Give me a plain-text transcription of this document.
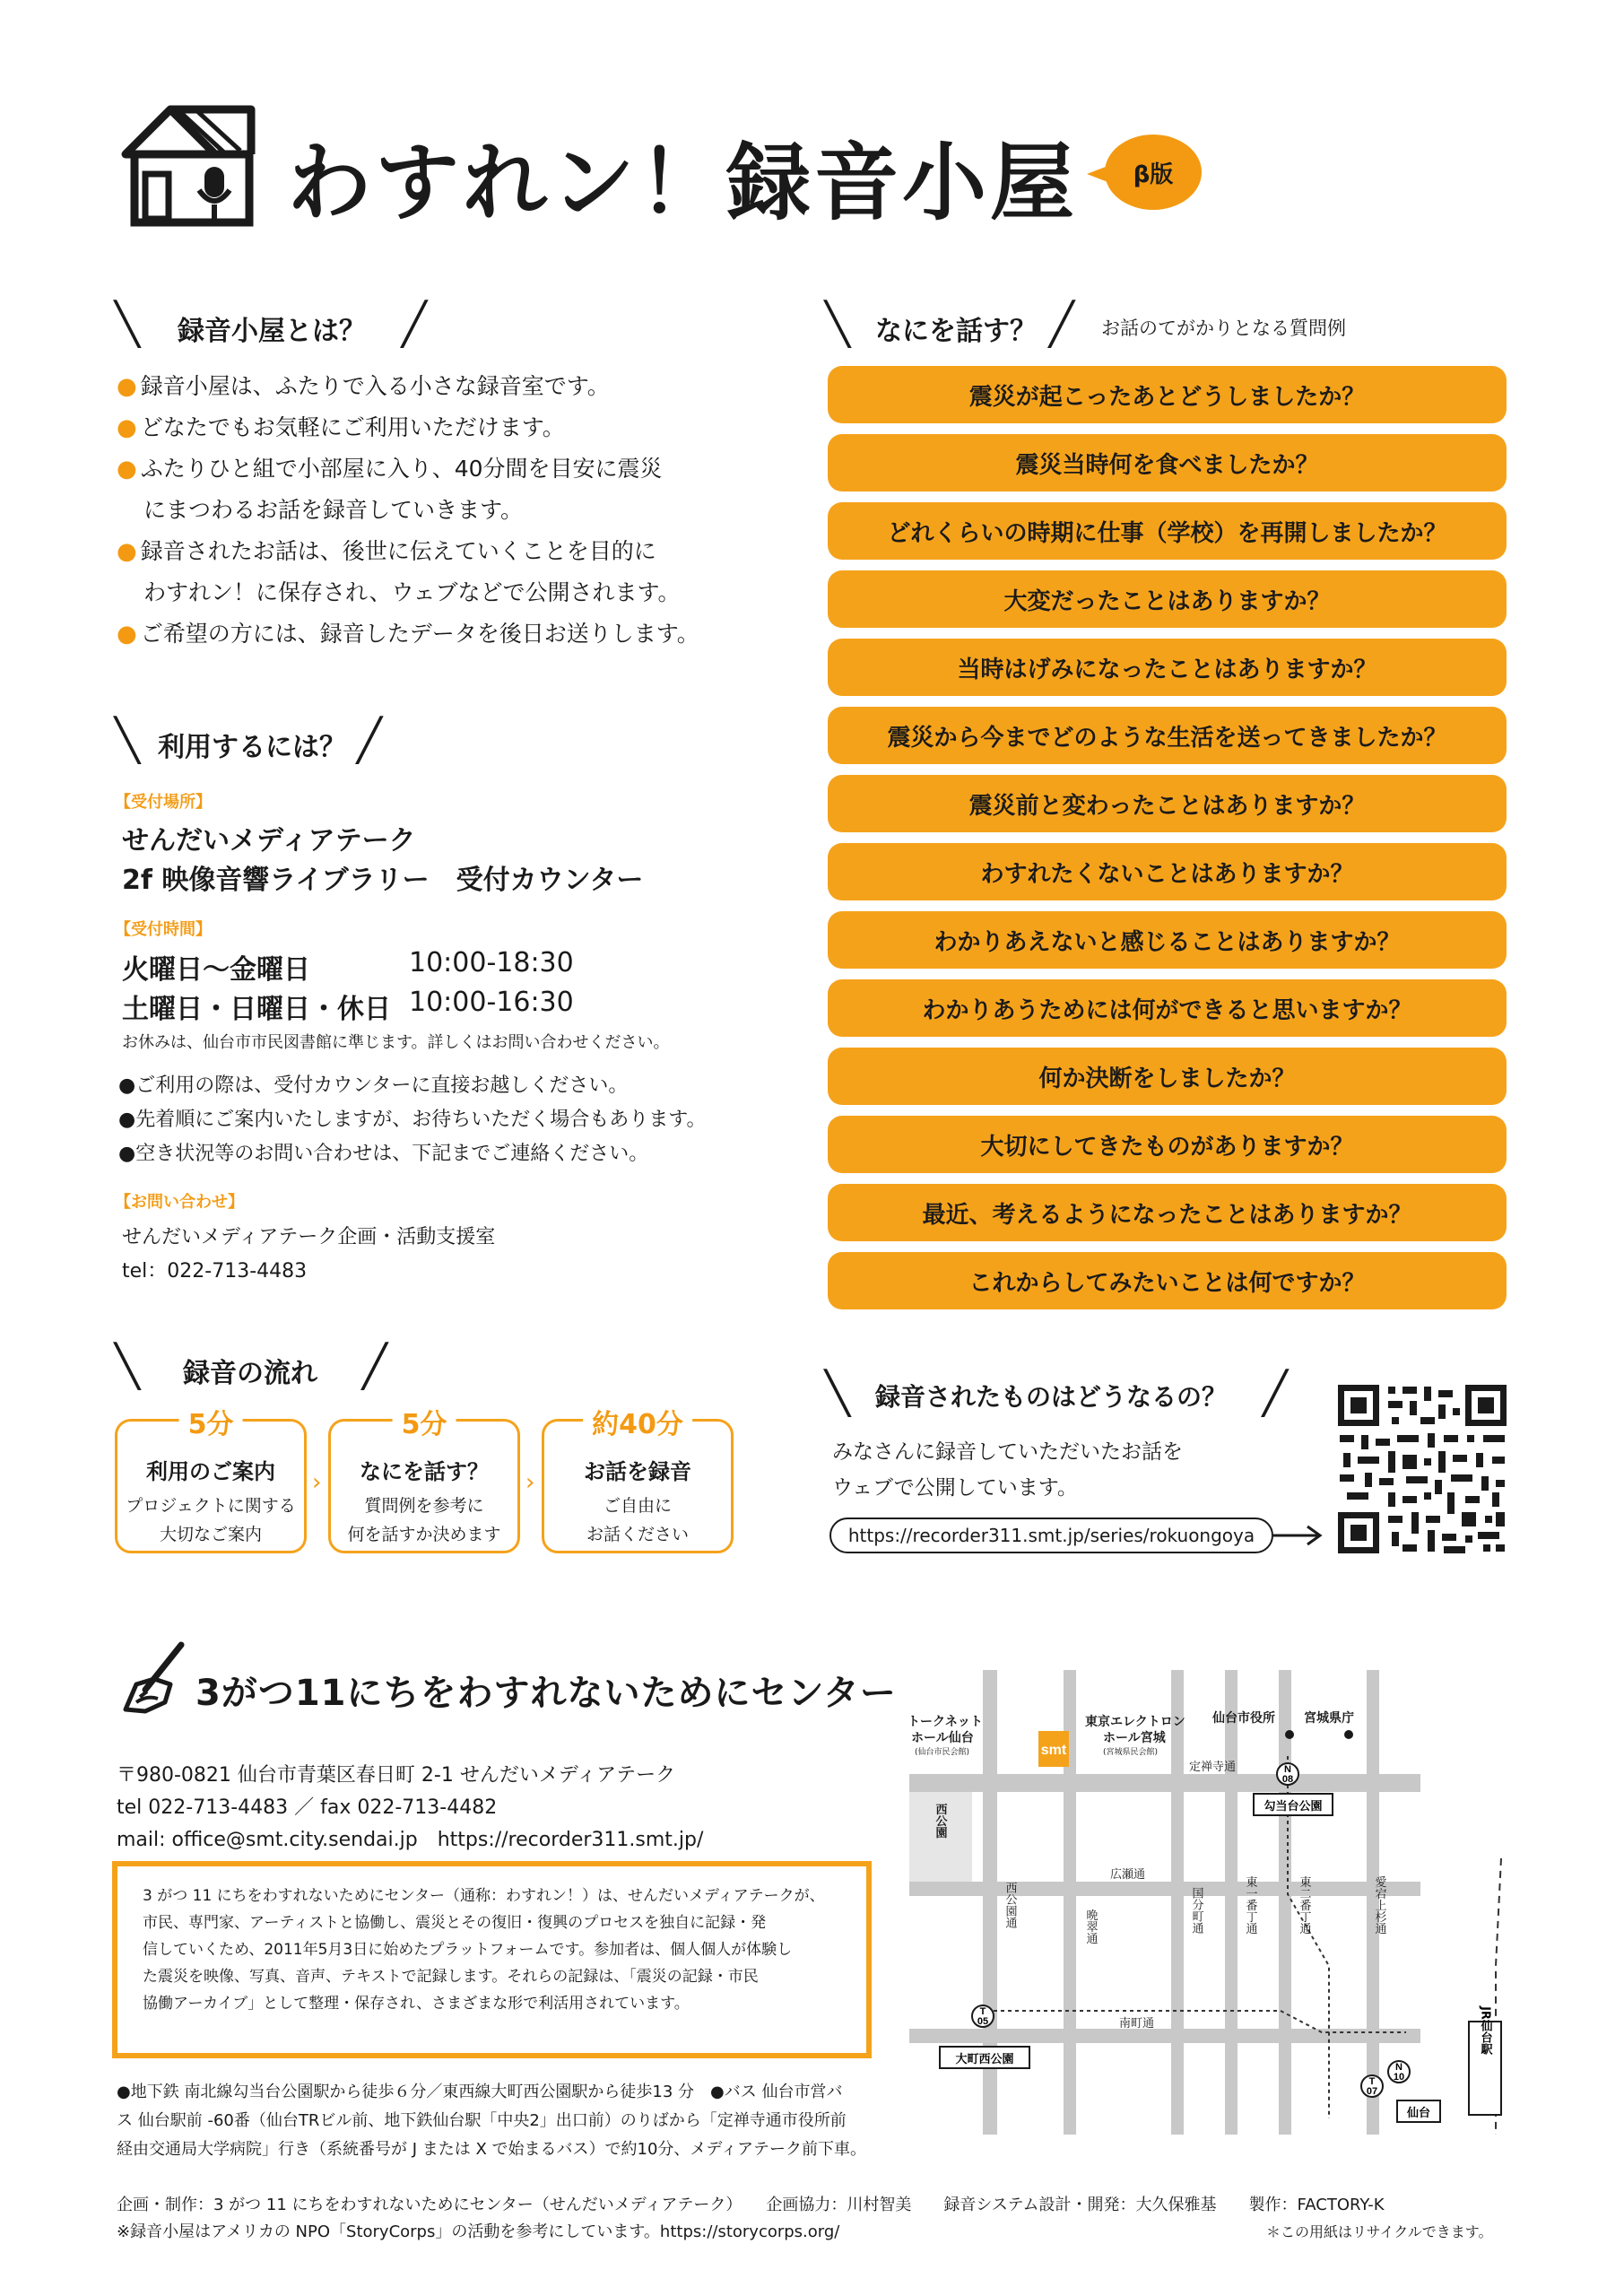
わすれン！録音小屋	β版
╲ 録音小屋とは？ ╱
● 録音小屋は、ふたりで入る小さな録音室です。
● どなたでもお気軽にご利用いただけます。
● ふたりひと組で小部屋に入り、40分間を目安に震災
にまつわるお話を録音していきます。
● 録音されたお話は、後世に伝えていくことを目的に
わすれン！に保存され、ウェブなどで公開されます。
● ご希望の方には、録音したデータを後日お送りします。
╲ 利用するには？ ╱
【受付場所】
せんだいメディアテーク
2f 映像音響ライブラリー　受付カウンター
【受付時間】
火曜日〜金曜日	10:00-18:30
土曜日・日曜日・休日 10:00-16:30
お休みは、仙台市市民図書館に準じます。詳しくはお問い合わせください。
●ご利用の際は、受付カウンターに直接お越しください。
●先着順にご案内いたしますが、お待ちいただく場合もあります。
●空き状況等のお問い合わせは、下記までご連絡ください。
【お問い合わせ】
せんだいメディアテーク企画・活動支援室
tel：022-713-4483
╲ なにを話す？ ╱ お話のてがかりとなる質問例
震災が起こったあとどうしましたか？
震災当時何を食べましたか？
どれくらいの時期に仕事（学校）を再開しましたか？
大変だったことはありますか？
当時はげみになったことはありますか？
震災から今までどのような生活を送ってきましたか？
震災前と変わったことはありますか？
わすれたくないことはありますか？
わかりあえないと感じることはありますか？
わかりあうためには何ができると思いますか？
何か決断をしましたか？
大切にしてきたものがありますか？
最近、考えるようになったことはありますか？
これからしてみたいことは何ですか？
╲ 録音の流れ ╱
5分
利用のご案内
プロジェクトに関する
大切なご案内
›
5分
なにを話す？
質問例を参考に
何を話すか決めます
›
約40分
お話を録音
ご自由に
お話ください
╲ 録音されたものはどうなるの？ ╱
みなさんに録音していただいたお話を
ウェブで公開しています。
https://recorder311.smt.jp/series/rokuongoya
3がつ11にちをわすれないためにセンター
〒980-0821 仙台市青葉区春日町 2-1 せんだいメディアテーク
tel 022-713-4483 ／ fax 022-713-4482
mail: office@smt.city.sendai.jp　https://recorder311.smt.jp/
3 がつ 11 にちをわすれないためにセンター（通称：わすれン！）は、せんだいメディアテークが、
市民、専門家、アーティストと協働し、震災とその復旧・復興のプロセスを独自に記録・発
信していくため、2011年5月3日に始めたプラットフォームです。参加者は、個人個人が体験し
た震災を映像、写真、音声、テキストで記録します。それらの記録は、「震災の記録・市民
協働アーカイブ」として整理・保存され、さまざまな形で利活用されています。
●地下鉄 南北線勾当台公園駅から徒歩６分／東西線大町西公園駅から徒歩13 分　●バス 仙台市営バ
ス 仙台駅前 -60番（仙台TRビル前、地下鉄仙台駅「中央2」出口前）のりばから「定禅寺通市役所前
経由交通局大学病院」行き（系統番号が J または X で始まるバス）で約10分、メディアテーク前下車。
smt
トークネット
ホール仙台
(仙台市民会館)
東京エレクトロン
ホール宮城
(宮城県民会館)
仙台市役所 宮城県庁
定禅寺通
広瀬通
南町通
西公園
西公園通	晩翠通	国分町通	東一番丁通	東二番丁通	愛宕上杉通
N
08
T
05
T
07
N
10
勾当台公園
大町西公園
仙台
JR仙台駅
企画・制作：3 がつ 11 にちをわすれないためにセンター（せんだいメディアテーク）　　企画協力：川村智美　　録音システム設計・開発：大久保雅基　　製作：FACTORY-K
※録音小屋はアメリカの NPO「StoryCorps」の活動を参考にしています。https://storycorps.org/	＊この用紙はリサイクルできます。
